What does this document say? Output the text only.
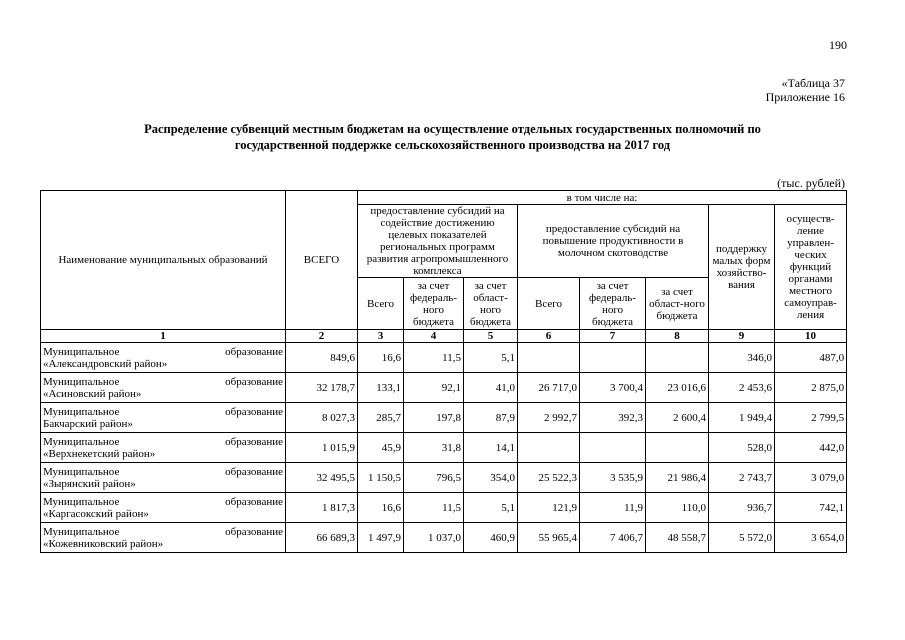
190
«Таблица 37
Приложение 16
Распределение субвенций местным бюджетам на осуществление отдельных государственных полномочий по
государственной поддержке сельскохозяйственного производства на 2017 год
(тыс. рублей)
Наименование муниципальных образований	ВСЕГО	в том числе на:							
		предоставление субсидий на содействие достижению целевых показателей региональных программ развития агропромышленного комплекса			предоставление субсидий на повышение продуктивности в молочном скотоводстве			поддержку малых форм хозяйство-вания	осуществ-ление управлен-ческих функций органами местного самоуправ-ления
		Всего	за счет федераль-ного бюджета	за счет област-ного бюджета	Всего	за счет федераль-ного бюджета	за счет област-ного бюджета		
1	2	3	4	5	6	7	8	9	10

Муниципальное образование
«Александровский район»	849,6	16,6	11,5	5,1				346,0	487,0

Муниципальное образование
«Асиновский район»	32 178,7	133,1	92,1	41,0	26 717,0	3 700,4	23 016,6	2 453,6	2 875,0

Муниципальное образование
Бакчарский район»	8 027,3	285,7	197,8	87,9	2 992,7	392,3	2 600,4	1 949,4	2 799,5

Муниципальное образование
«Верхнекетский район»	1 015,9	45,9	31,8	14,1				528,0	442,0

Муниципальное образование
«Зырянский район»	32 495,5	1 150,5	796,5	354,0	25 522,3	3 535,9	21 986,4	2 743,7	3 079,0

Муниципальное образование
«Каргасокский район»	1 817,3	16,6	11,5	5,1	121,9	11,9	110,0	936,7	742,1

Муниципальное образование
«Кожевниковский район»	66 689,3	1 497,9	1 037,0	460,9	55 965,4	7 406,7	48 558,7	5 572,0	3 654,0
